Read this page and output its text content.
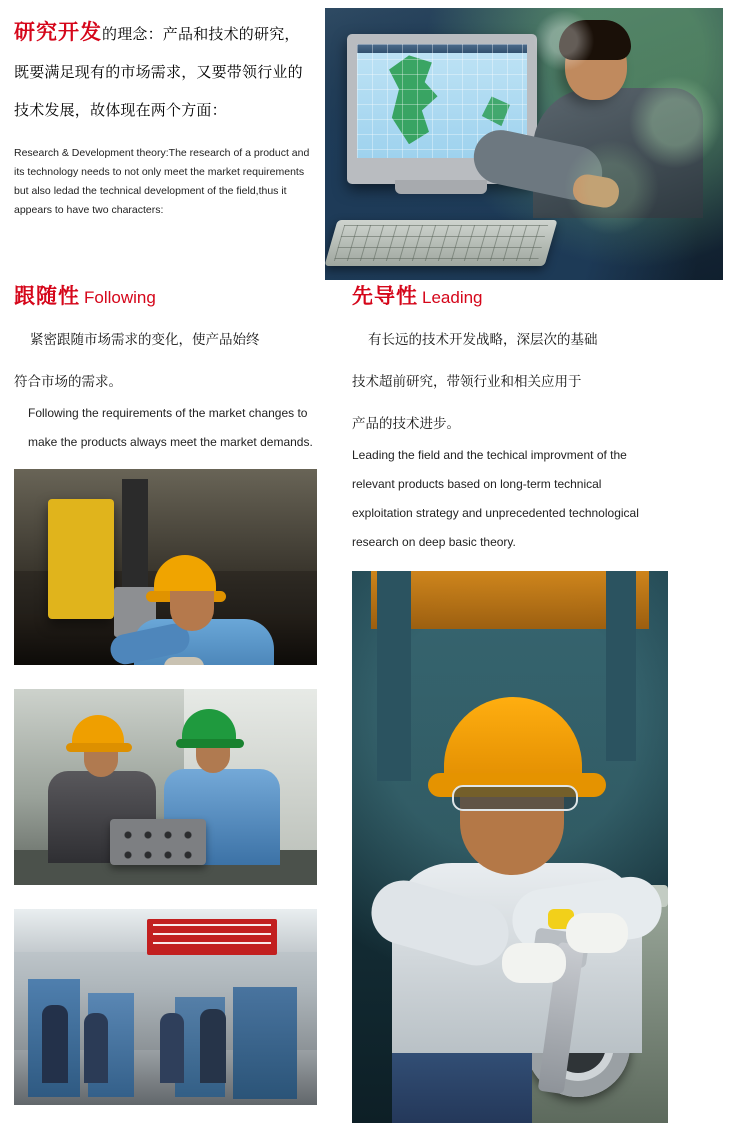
研究开发的理念：产品和技术的研究，
既要满足现有的市场需求，又要带领行业的
技术发展，故体现在两个方面：
Research & Development theory:The research of a product and its technology needs to not only meet the market requirements but also ledad the technical development of the field,thus it appears to have two characters:
跟随性 Following
紧密跟随市场需求的变化，使产品始终
符合市场的需求。
Following the requirements of the market changes to
make the products always meet the market demands.
先导性 Leading
有长远的技术开发战略，深层次的基础
技术超前研究，带领行业和相关应用于
产品的技术进步。
Leading the field and the techical improvment of the
relevant products based on long-term technical
exploitation strategy and unprecedented technological
research on deep basic theory.
